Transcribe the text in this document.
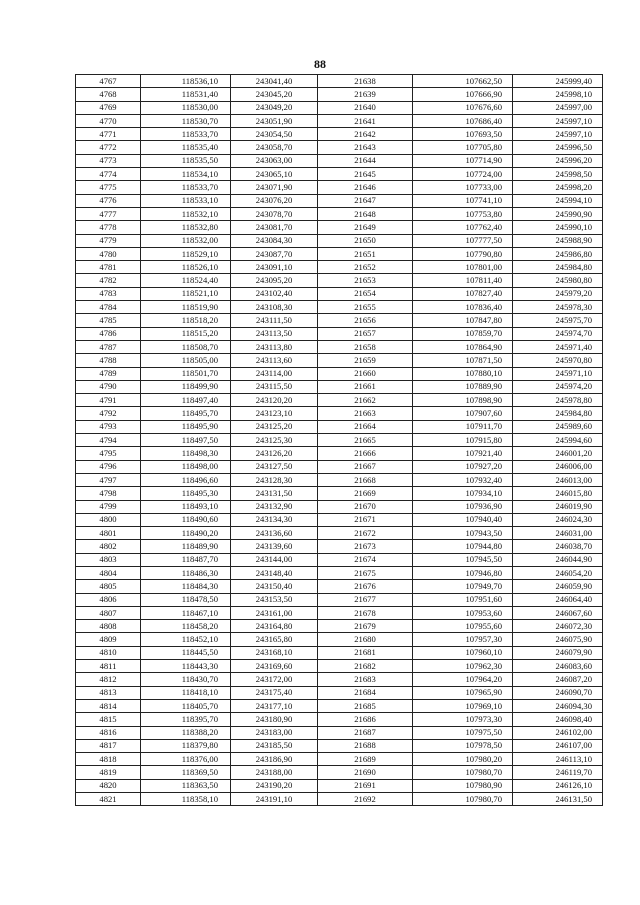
88
4767	118536,10	243041,40	21638	107662,50	245999,40
4768	118531,40	243045,20	21639	107666,90	245998,10
4769	118530,00	243049,20	21640	107676,60	245997,00
4770	118530,70	243051,90	21641	107686,40	245997,10
4771	118533,70	243054,50	21642	107693,50	245997,10
4772	118535,40	243058,70	21643	107705,80	245996,50
4773	118535,50	243063,00	21644	107714,90	245996,20
4774	118534,10	243065,10	21645	107724,00	245998,50
4775	118533,70	243071,90	21646	107733,00	245998,20
4776	118533,10	243076,20	21647	107741,10	245994,10
4777	118532,10	243078,70	21648	107753,80	245990,90
4778	118532,80	243081,70	21649	107762,40	245990,10
4779	118532,00	243084,30	21650	107777,50	245988,90
4780	118529,10	243087,70	21651	107790,80	245986,80
4781	118526,10	243091,10	21652	107801,00	245984,80
4782	118524,40	243095,20	21653	107811,40	245980,80
4783	118521,10	243102,40	21654	107827,40	245979,20
4784	118519,90	243108,30	21655	107836,40	245978,30
4785	118518,20	243111,50	21656	107847,80	245975,70
4786	118515,20	243113,50	21657	107859,70	245974,70
4787	118508,70	243113,80	21658	107864,90	245971,40
4788	118505,00	243113,60	21659	107871,50	245970,80
4789	118501,70	243114,00	21660	107880,10	245971,10
4790	118499,90	243115,50	21661	107889,90	245974,20
4791	118497,40	243120,20	21662	107898,90	245978,80
4792	118495,70	243123,10	21663	107907,60	245984,80
4793	118495,90	243125,20	21664	107911,70	245989,60
4794	118497,50	243125,30	21665	107915,80	245994,60
4795	118498,30	243126,20	21666	107921,40	246001,20
4796	118498,00	243127,50	21667	107927,20	246006,00
4797	118496,60	243128,30	21668	107932,40	246013,00
4798	118495,30	243131,50	21669	107934,10	246015,80
4799	118493,10	243132,90	21670	107936,90	246019,90
4800	118490,60	243134,30	21671	107940,40	246024,30
4801	118490,20	243136,60	21672	107943,50	246031,00
4802	118489,90	243139,60	21673	107944,80	246038,70
4803	118487,70	243144,00	21674	107945,50	246044,90
4804	118486,30	243148,40	21675	107946,80	246054,20
4805	118484,30	243150,40	21676	107949,70	246059,90
4806	118478,50	243153,50	21677	107951,60	246064,40
4807	118467,10	243161,00	21678	107953,60	246067,60
4808	118458,20	243164,80	21679	107955,60	246072,30
4809	118452,10	243165,80	21680	107957,30	246075,90
4810	118445,50	243168,10	21681	107960,10	246079,90
4811	118443,30	243169,60	21682	107962,30	246083,60
4812	118430,70	243172,00	21683	107964,20	246087,20
4813	118418,10	243175,40	21684	107965,90	246090,70
4814	118405,70	243177,10	21685	107969,10	246094,30
4815	118395,70	243180,90	21686	107973,30	246098,40
4816	118388,20	243183,00	21687	107975,50	246102,00
4817	118379,80	243185,50	21688	107978,50	246107,00
4818	118376,00	243186,90	21689	107980,20	246113,10
4819	118369,50	243188,00	21690	107980,70	246119,70
4820	118363,50	243190,20	21691	107980,90	246126,10
4821	118358,10	243191,10	21692	107980,70	246131,50
